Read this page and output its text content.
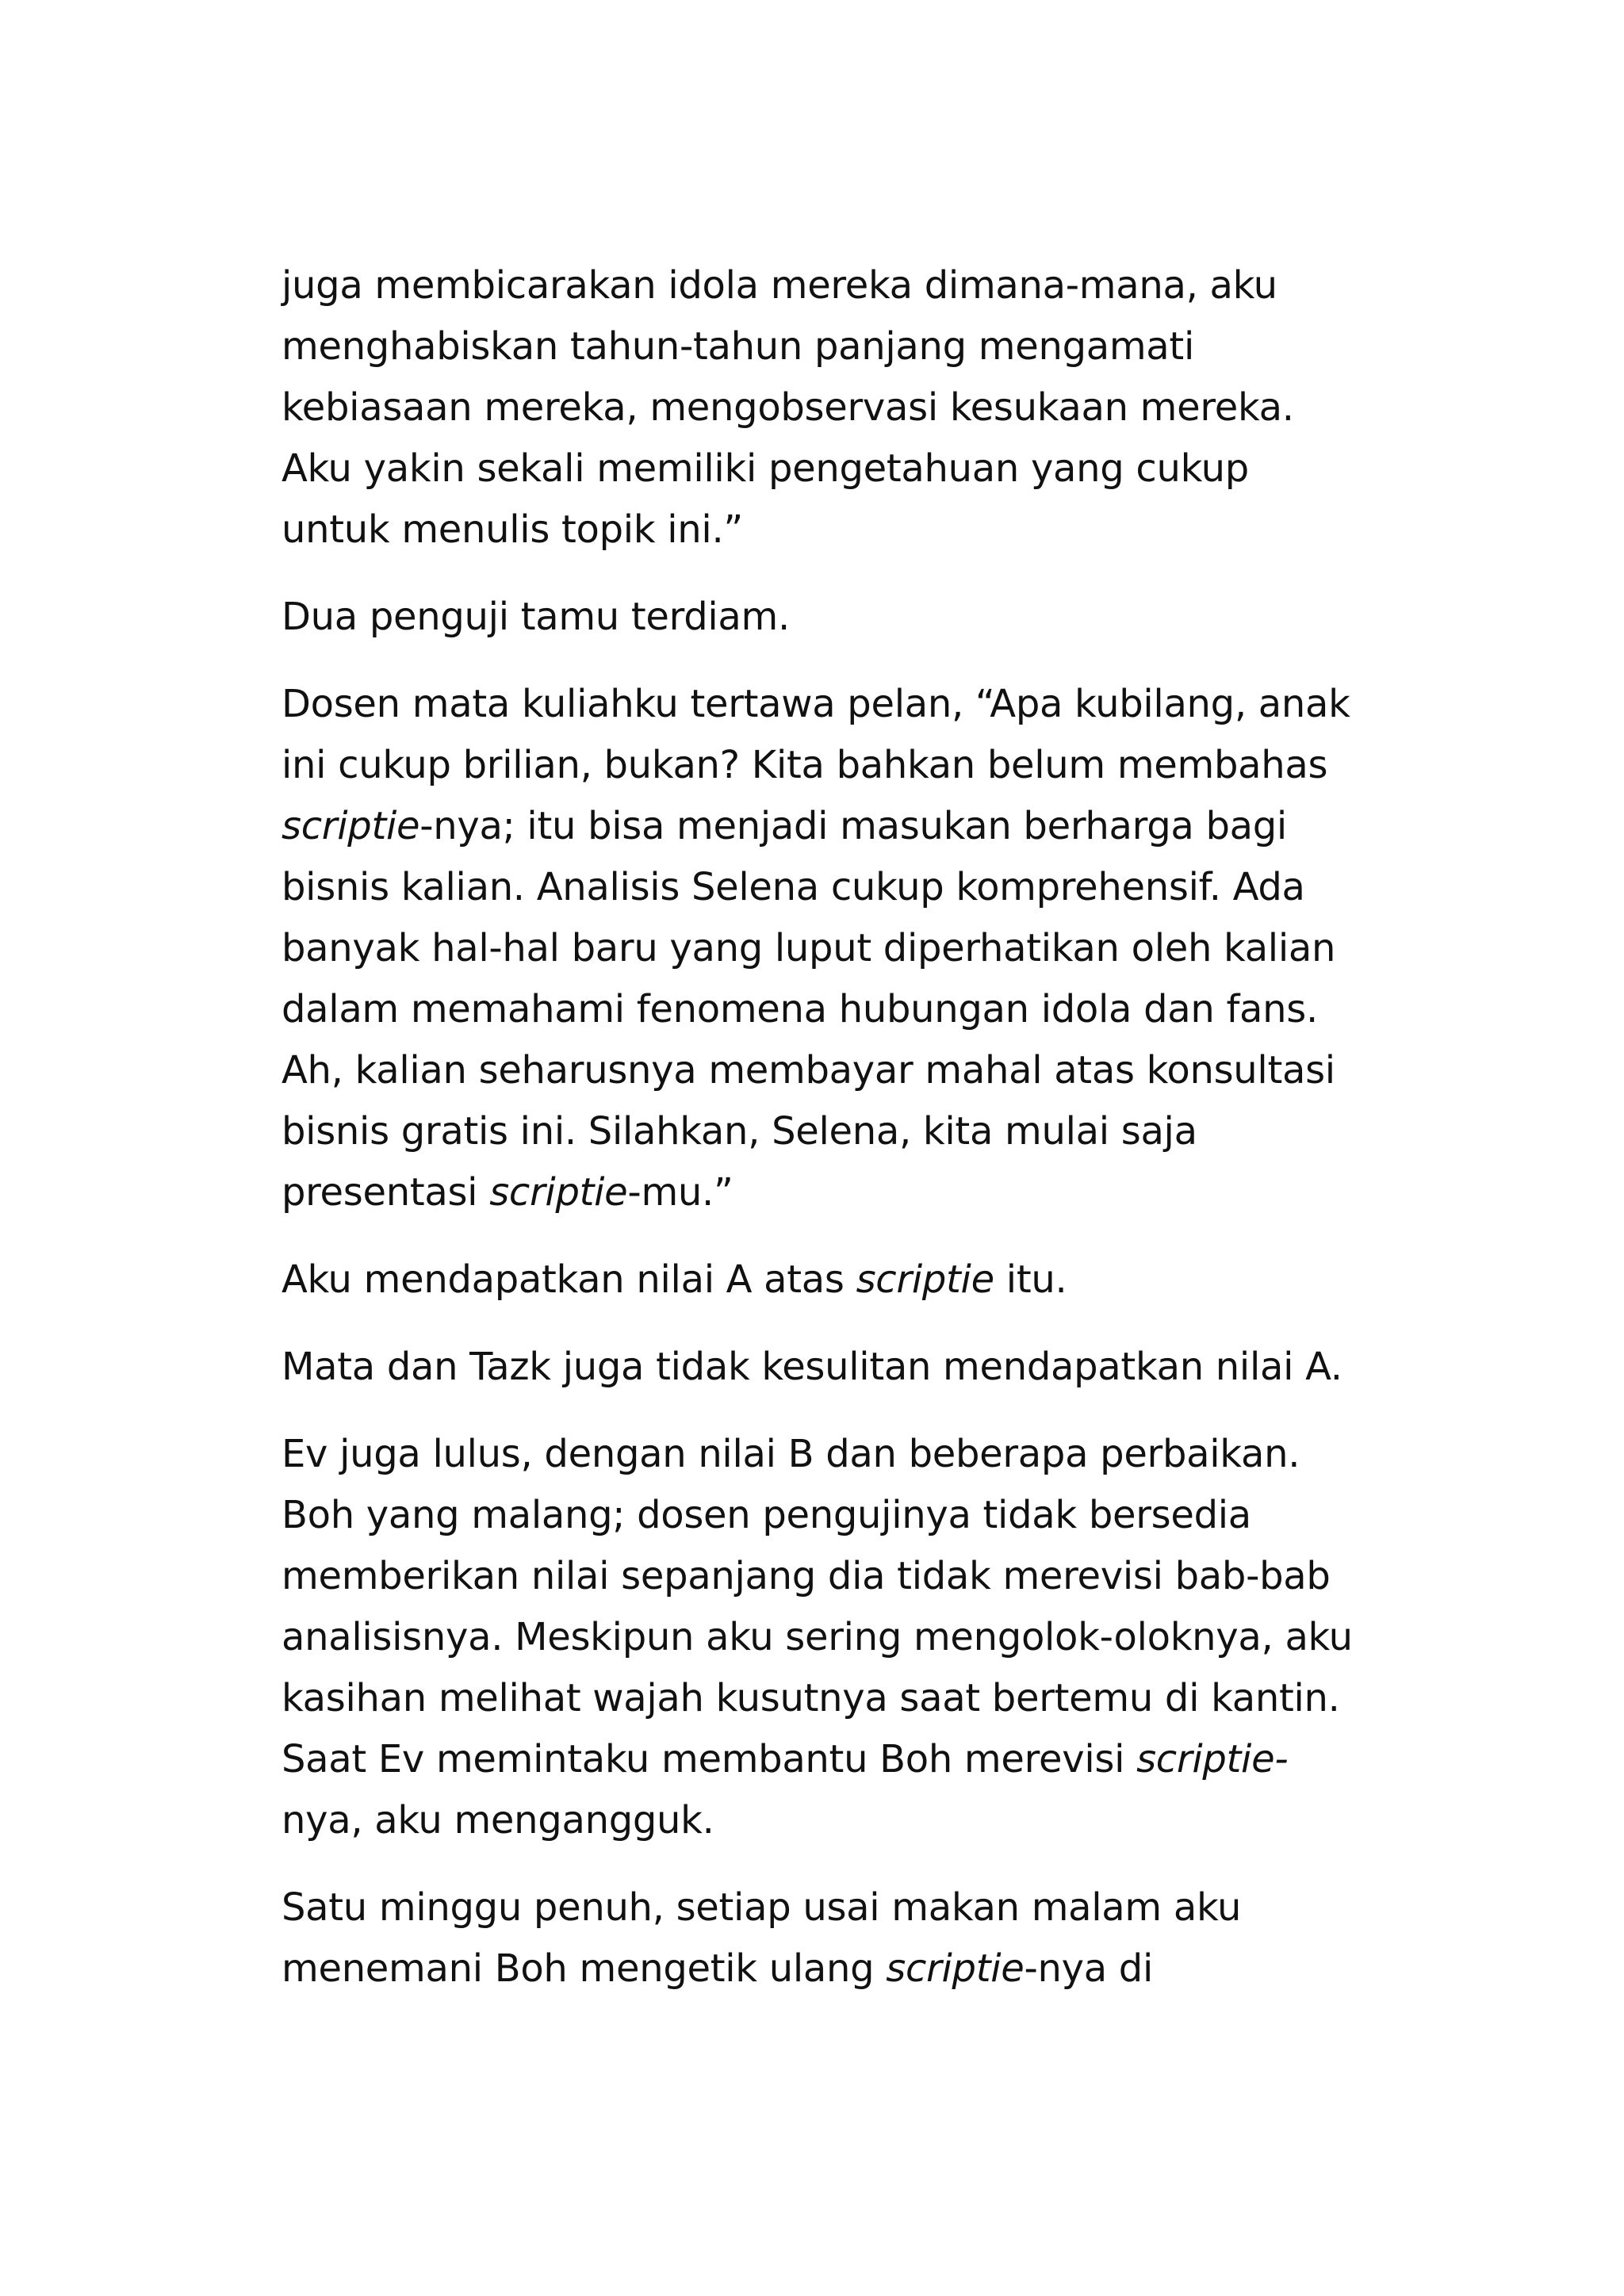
juga membicarakan idola mereka dimana-mana, aku
menghabiskan tahun-tahun panjang mengamati
kebiasaan mereka, mengobservasi kesukaan mereka.
Aku yakin sekali memiliki pengetahuan yang cukup
untuk menulis topik ini.”

Dua penguji tamu terdiam.

Dosen mata kuliahku tertawa pelan, “Apa kubilang, anak
ini cukup brilian, bukan? Kita bahkan belum membahas
scriptie-nya; itu bisa menjadi masukan berharga bagi
bisnis kalian. Analisis Selena cukup komprehensif. Ada
banyak hal-hal baru yang luput diperhatikan oleh kalian
dalam memahami fenomena hubungan idola dan fans.
Ah, kalian seharusnya membayar mahal atas konsultasi
bisnis gratis ini. Silahkan, Selena, kita mulai saja
presentasi scriptie-mu.”

Aku mendapatkan nilai A atas scriptie itu.

Mata dan Tazk juga tidak kesulitan mendapatkan nilai A.

Ev juga lulus, dengan nilai B dan beberapa perbaikan.
Boh yang malang; dosen pengujinya tidak bersedia
memberikan nilai sepanjang dia tidak merevisi bab-bab
analisisnya. Meskipun aku sering mengolok-oloknya, aku
kasihan melihat wajah kusutnya saat bertemu di kantin.
Saat Ev memintaku membantu Boh merevisi scriptie-
nya, aku mengangguk.

Satu minggu penuh, setiap usai makan malam aku
menemani Boh mengetik ulang scriptie-nya di
